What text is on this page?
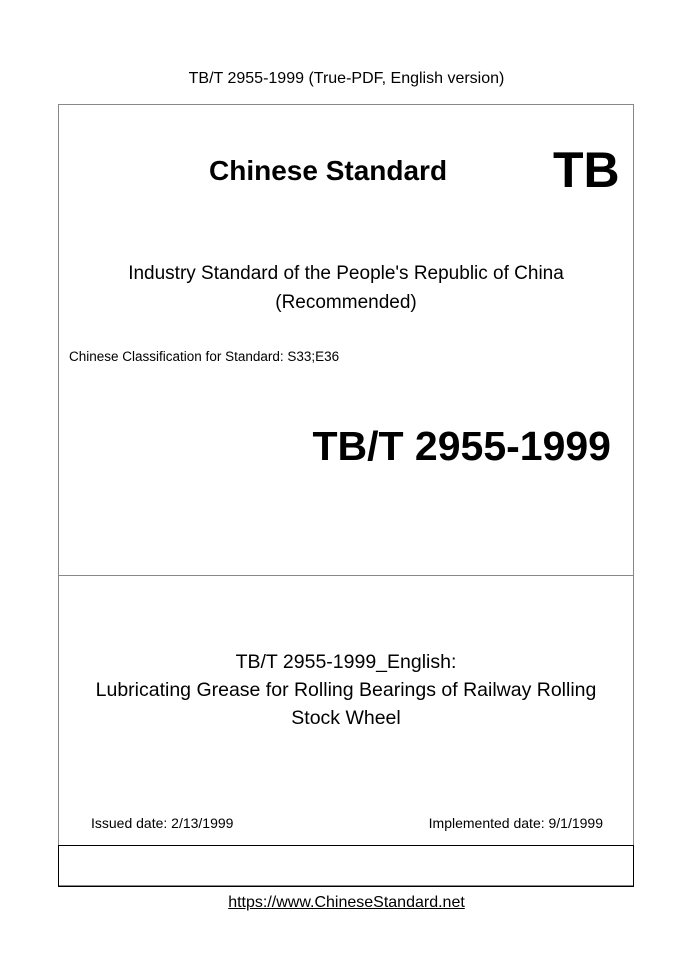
TB/T 2955-1999 (True-PDF, English version)
Chinese Standard TB
Industry Standard of the People's Republic of China
(Recommended)
Chinese Classification for Standard: S33;E36
TB/T 2955-1999
TB/T 2955-1999_English:
Lubricating Grease for Rolling Bearings of Railway Rolling
Stock Wheel
Issued date: 2/13/1999	Implemented date: 9/1/1999
https://www.ChineseStandard.net
